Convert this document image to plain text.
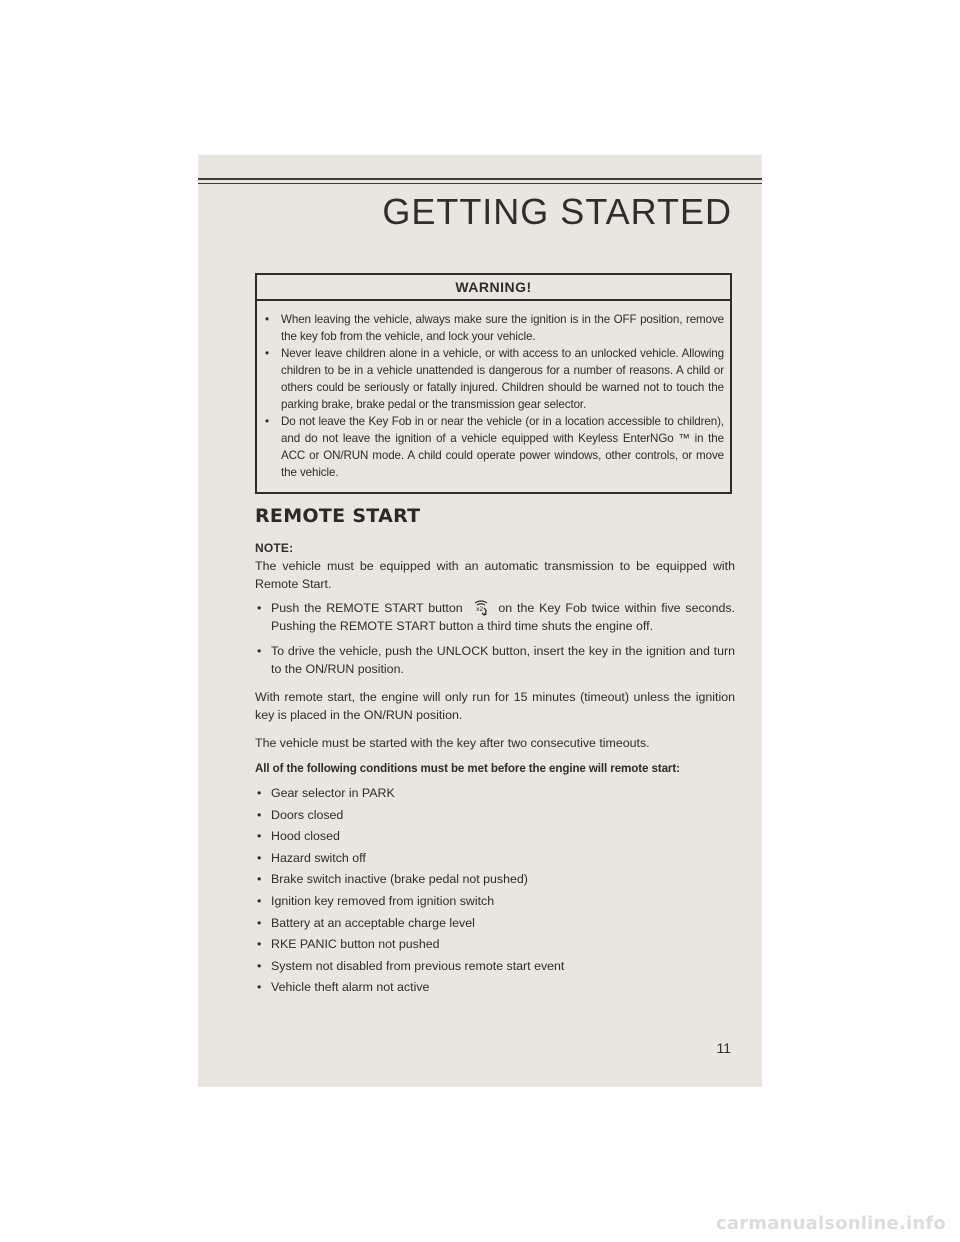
GETTING STARTED
WARNING!
• When leaving the vehicle, always make sure the ignition is in the OFF position, remove the key fob from the vehicle, and lock your vehicle.
• Never leave children alone in a vehicle, or with access to an unlocked vehicle. Allowing children to be in a vehicle unattended is dangerous for a number of reasons. A child or others could be seriously or fatally injured. Children should be warned not to touch the parking brake, brake pedal or the transmission gear selector.
• Do not leave the Key Fob in or near the vehicle (or in a location accessible to children), and do not leave the ignition of a vehicle equipped with Keyless EnterNGo ™ in the ACC or ON/RUN mode. A child could operate power windows, other controls, or move the vehicle.
REMOTE START
NOTE:

The vehicle must be equipped with an automatic transmission to be equipped with Remote Start.

• Push the REMOTE START button x2 on the Key Fob twice within five seconds. Pushing the REMOTE START button a third time shuts the engine off.
• To drive the vehicle, push the UNLOCK button, insert the key in the ignition and turn to the ON/RUN position.

With remote start, the engine will only run for 15 minutes (timeout) unless the ignition key is placed in the ON/RUN position.

The vehicle must be started with the key after two consecutive timeouts.

All of the following conditions must be met before the engine will remote start:
• Gear selector in PARK
• Doors closed
• Hood closed
• Hazard switch off
• Brake switch inactive (brake pedal not pushed)
• Ignition key removed from ignition switch
• Battery at an acceptable charge level
• RKE PANIC button not pushed
• System not disabled from previous remote start event
• Vehicle theft alarm not active
11
carmanualsonline.info
